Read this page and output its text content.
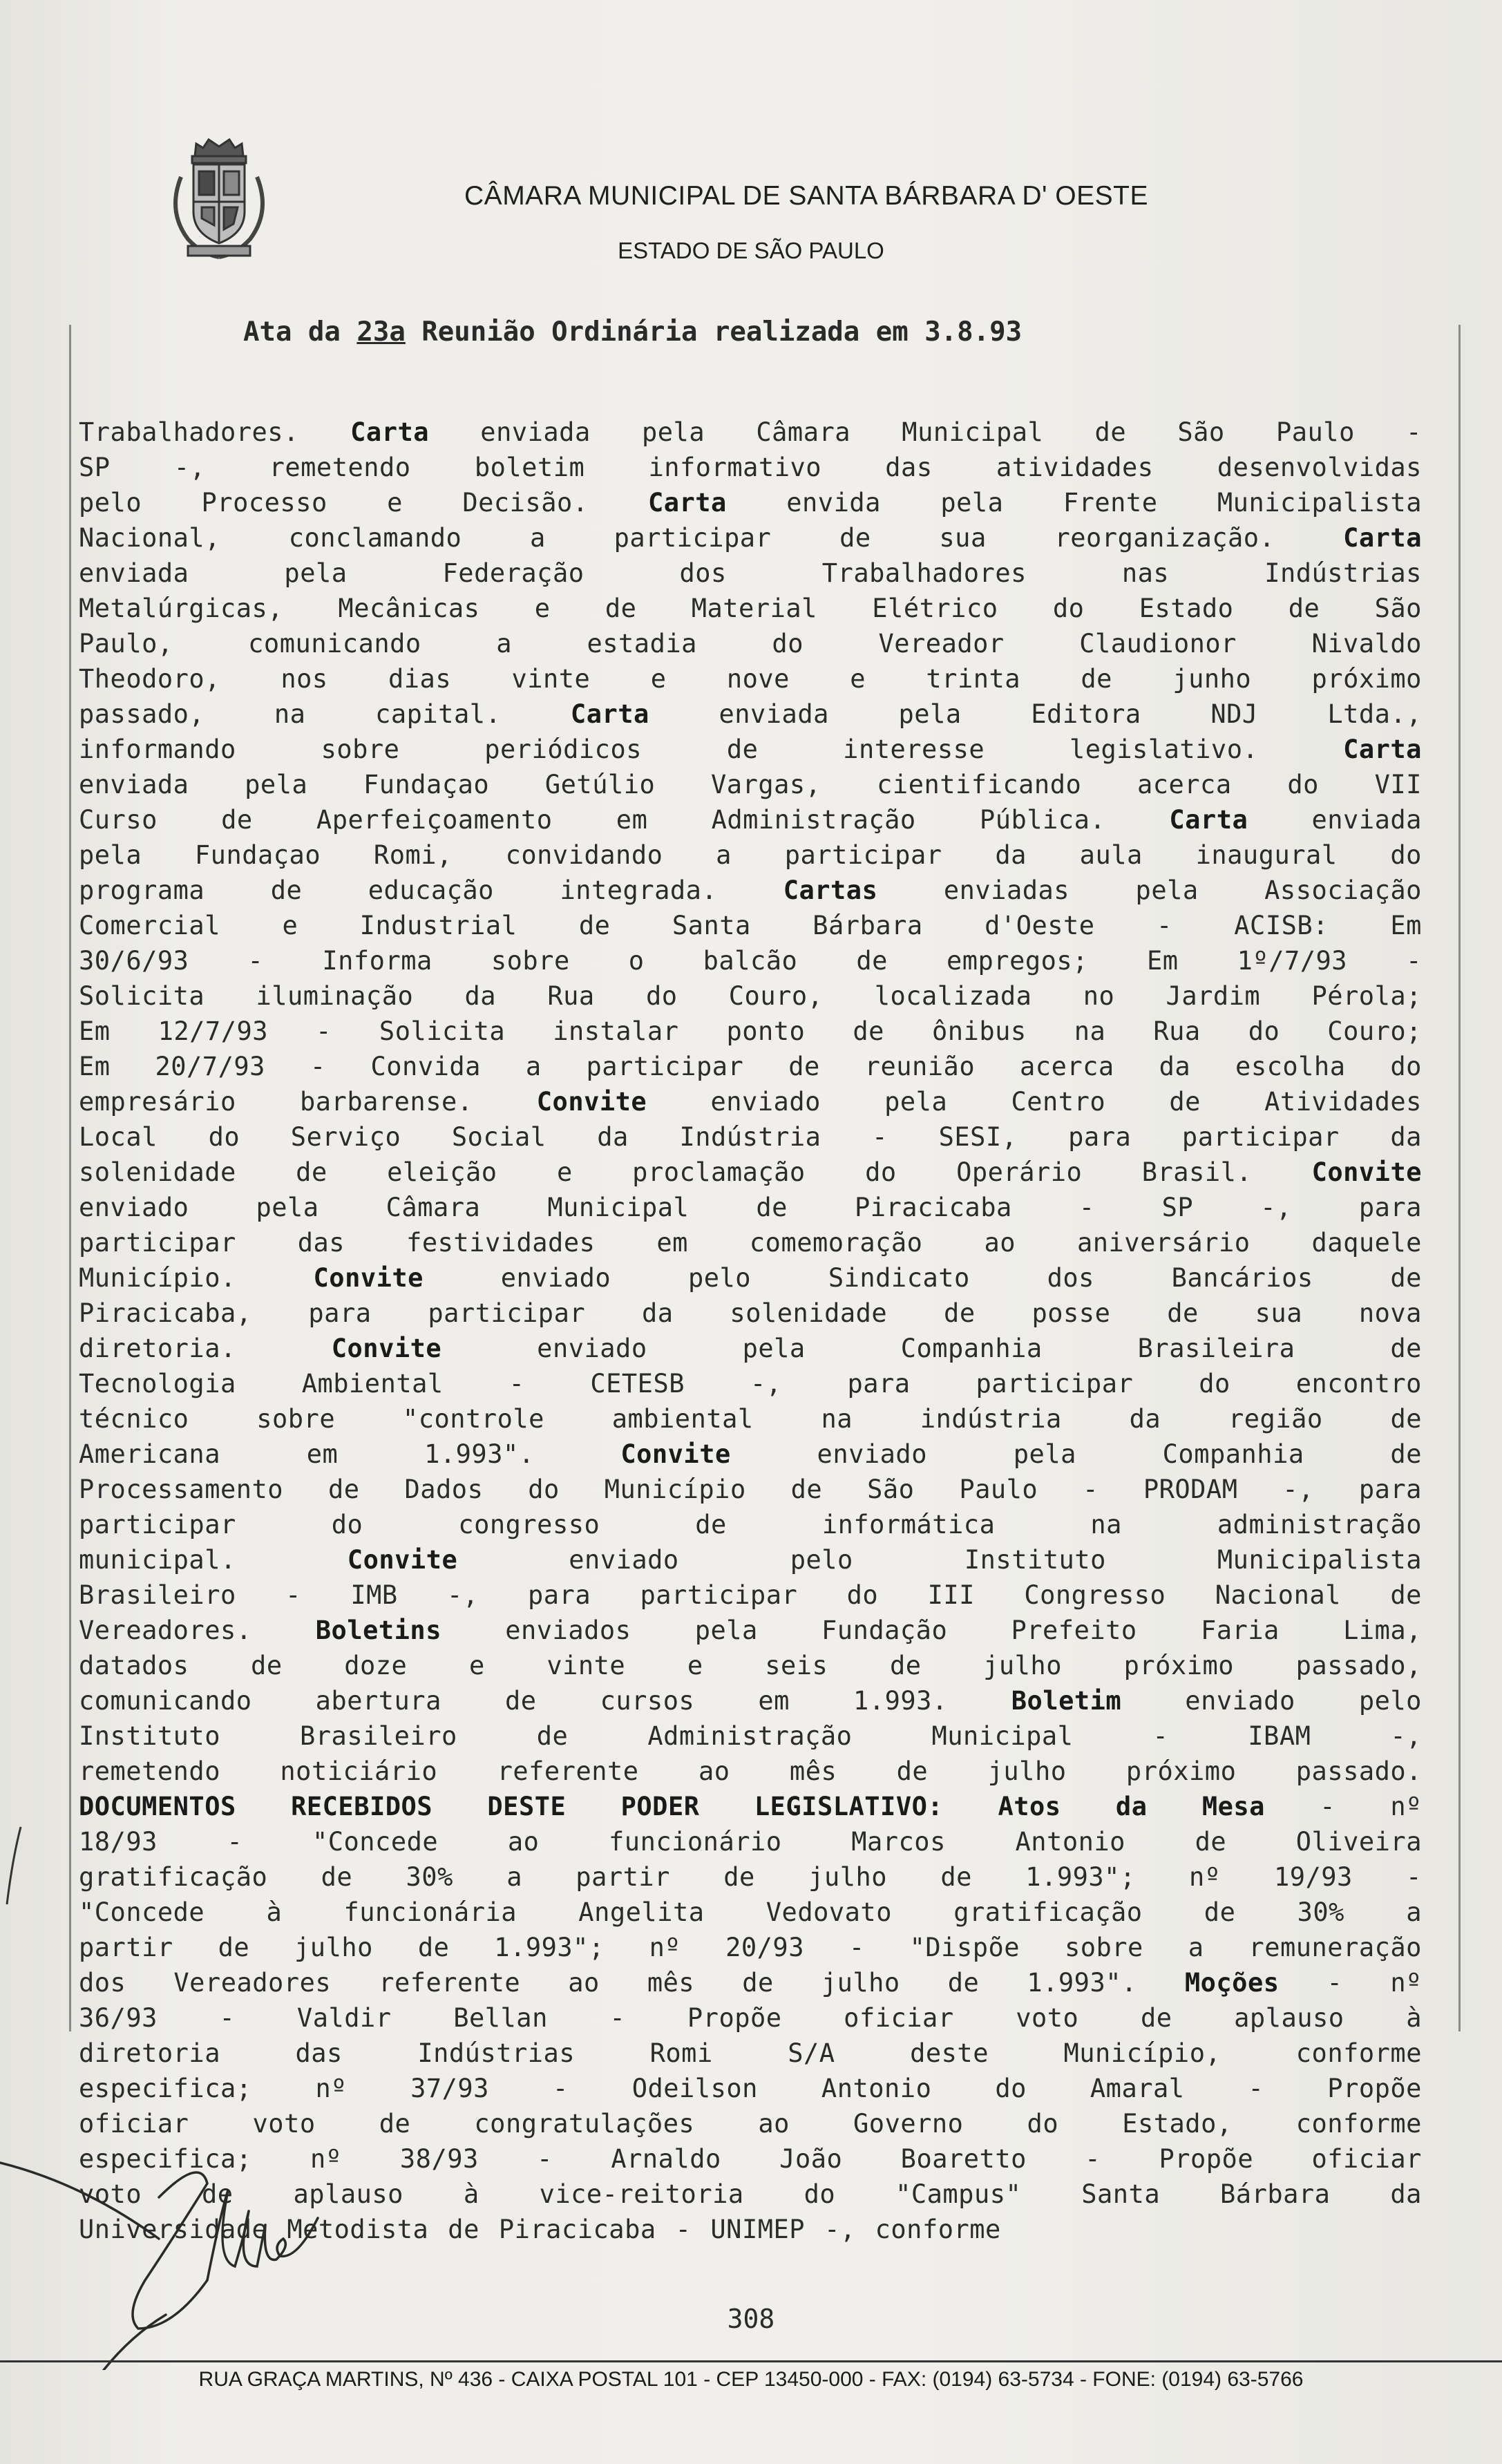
CÂMARA MUNICIPAL DE SANTA BÁRBARA D' OESTE
ESTADO DE SÃO PAULO
Ata da 23a Reunião Ordinária realizada em 3.8.93
Trabalhadores. Carta enviada pela Câmara Municipal de São Paulo -
SP -, remetendo boletim informativo das atividades desenvolvidas
pelo Processo e Decisão. Carta envida pela Frente Municipalista
Nacional,	conclamando	a	participar	de	sua	reorganização.	Carta
enviada	pela	Federação	dos	Trabalhadores	nas	Indústrias
Metalúrgicas, Mecânicas e de Material Elétrico do Estado de São
Paulo,	comunicando	a	estadia	do	Vereador	Claudionor	Nivaldo
Theodoro, nos dias vinte e nove e trinta de junho próximo
passado,	na	capital.	Carta	enviada	pela	Editora	NDJ	Ltda.,
informando	sobre	periódicos	de	interesse	legislativo.	Carta
enviada pela Fundaçao Getúlio Vargas, cientificando acerca do VII
Curso de Aperfeiçoamento em Administração Pública. Carta enviada
pela Fundaçao Romi, convidando a participar da aula inaugural do
programa	de	educação	integrada.	Cartas	enviadas	pela	Associação
Comercial e Industrial de Santa Bárbara d'Oeste - ACISB: Em
30/6/93 - Informa sobre o balcão de empregos; Em 1º/7/93 -
Solicita iluminação da Rua do Couro, localizada no Jardim Pérola;
Em 12/7/93 - Solicita instalar ponto de ônibus na Rua do Couro;
Em 20/7/93 - Convida a participar de reunião acerca da escolha do
empresário barbarense. Convite enviado pela Centro de Atividades
Local do Serviço Social da Indústria - SESI, para participar da
solenidade de eleição e proclamação do Operário Brasil. Convite
enviado	pela	Câmara	Municipal	de	Piracicaba	-	SP	-,	para
participar das festividades em comemoração ao aniversário daquele
Município.	Convite	enviado	pelo	Sindicato	dos	Bancários	de
Piracicaba, para participar da solenidade de posse de sua nova
diretoria.	Convite	enviado	pela	Companhia	Brasileira	de
Tecnologia	Ambiental	-	CETESB	-,	para	participar	do	encontro
técnico	sobre	"controle	ambiental	na	indústria	da	região	de
Americana	em	1.993".	Convite	enviado	pela	Companhia	de
Processamento de Dados do Município de São Paulo - PRODAM -, para
participar	do	congresso	de	informática	na	administração
municipal.	Convite	enviado	pelo	Instituto	Municipalista
Brasileiro - IMB -, para participar do III Congresso Nacional de
Vereadores. Boletins enviados pela Fundação Prefeito Faria Lima,
datados de doze e vinte e seis de julho próximo passado,
comunicando abertura de cursos em 1.993. Boletim enviado pelo
Instituto	Brasileiro	de	Administração	Municipal	-	IBAM	-,
remetendo noticiário referente ao mês de julho próximo passado.
DOCUMENTOS RECEBIDOS DESTE PODER LEGISLATIVO: Atos da Mesa - nº
18/93	-	"Concede	ao	funcionário	Marcos	Antonio	de	Oliveira
gratificação de 30% a partir de julho de 1.993"; nº 19/93 -
"Concede à funcionária Angelita Vedovato gratificação de 30% a
partir de julho de 1.993"; nº 20/93 - "Dispõe sobre a remuneração
dos Vereadores referente ao mês de julho de 1.993". Moções - nº
36/93 - Valdir Bellan - Propõe oficiar voto de aplauso à
diretoria	das	Indústrias	Romi	S/A	deste	Município,	conforme
especifica; nº 37/93 - Odeilson Antonio do Amaral - Propõe
oficiar voto de congratulações ao Governo do Estado, conforme
especifica; nº 38/93 - Arnaldo João Boaretto - Propõe oficiar
voto de aplauso à vice-reitoria do "Campus" Santa Bárbara da
Universidade Metodista de Piracicaba - UNIMEP -, conforme
308
RUA GRAÇA MARTINS, Nº 436 - CAIXA POSTAL 101 - CEP 13450-000 - FAX: (0194) 63-5734 - FONE: (0194) 63-5766
